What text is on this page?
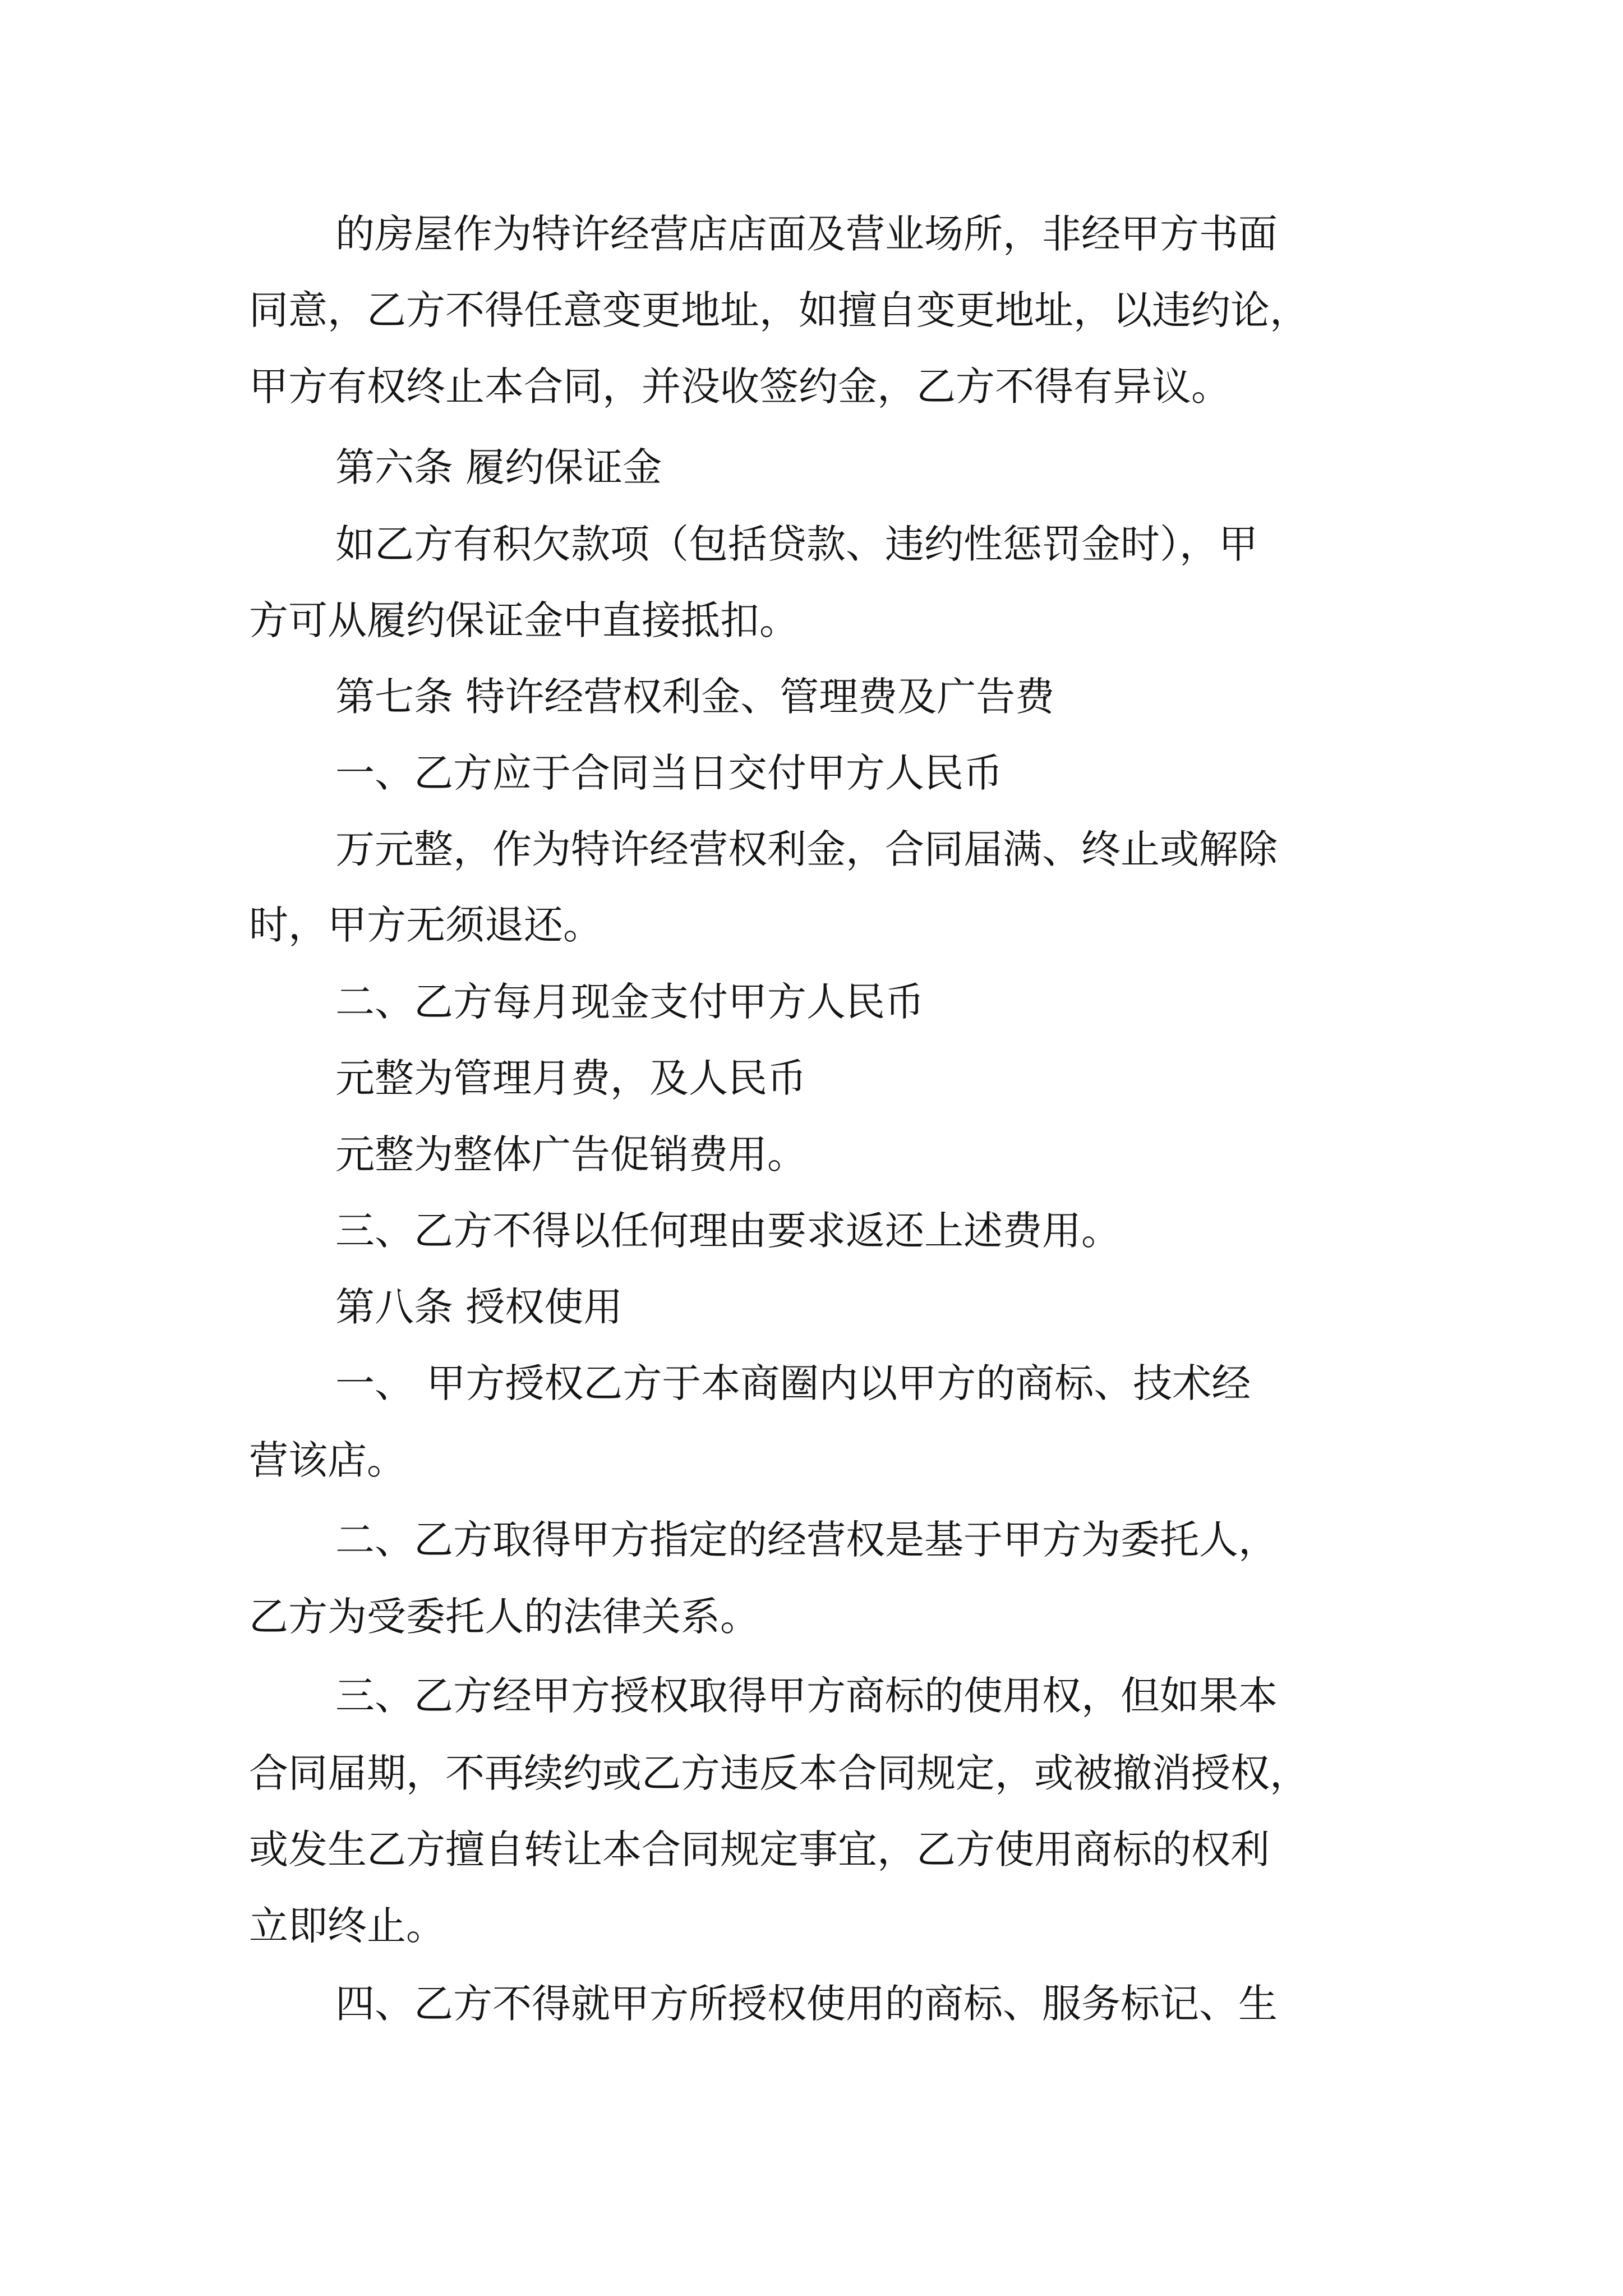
的房屋作为特许经营店店面及营业场所，非经甲方书面

同意，乙方不得任意变更地址，如擅自变更地址，以违约论，

甲方有权终止本合同，并没收签约金，乙方不得有异议。

第六条 履约保证金

如乙方有积欠款项（包括贷款、违约性惩罚金时），甲

方可从履约保证金中直接抵扣。

第七条 特许经营权利金、管理费及广告费

一、乙方应于合同当日交付甲方人民币

万元整，作为特许经营权利金，合同届满、终止或解除

时，甲方无须退还。

二、乙方每月现金支付甲方人民币

元整为管理月费，及人民币

元整为整体广告促销费用。

三、乙方不得以任何理由要求返还上述费用。

第八条 授权使用

一、 甲方授权乙方于本商圈内以甲方的商标、技术经

营该店。

二、乙方取得甲方指定的经营权是基于甲方为委托人，

乙方为受委托人的法律关系。

三、乙方经甲方授权取得甲方商标的使用权，但如果本

合同届期，不再续约或乙方违反本合同规定，或被撤消授权，

或发生乙方擅自转让本合同规定事宜，乙方使用商标的权利

立即终止。

四、乙方不得就甲方所授权使用的商标、服务标记、生
